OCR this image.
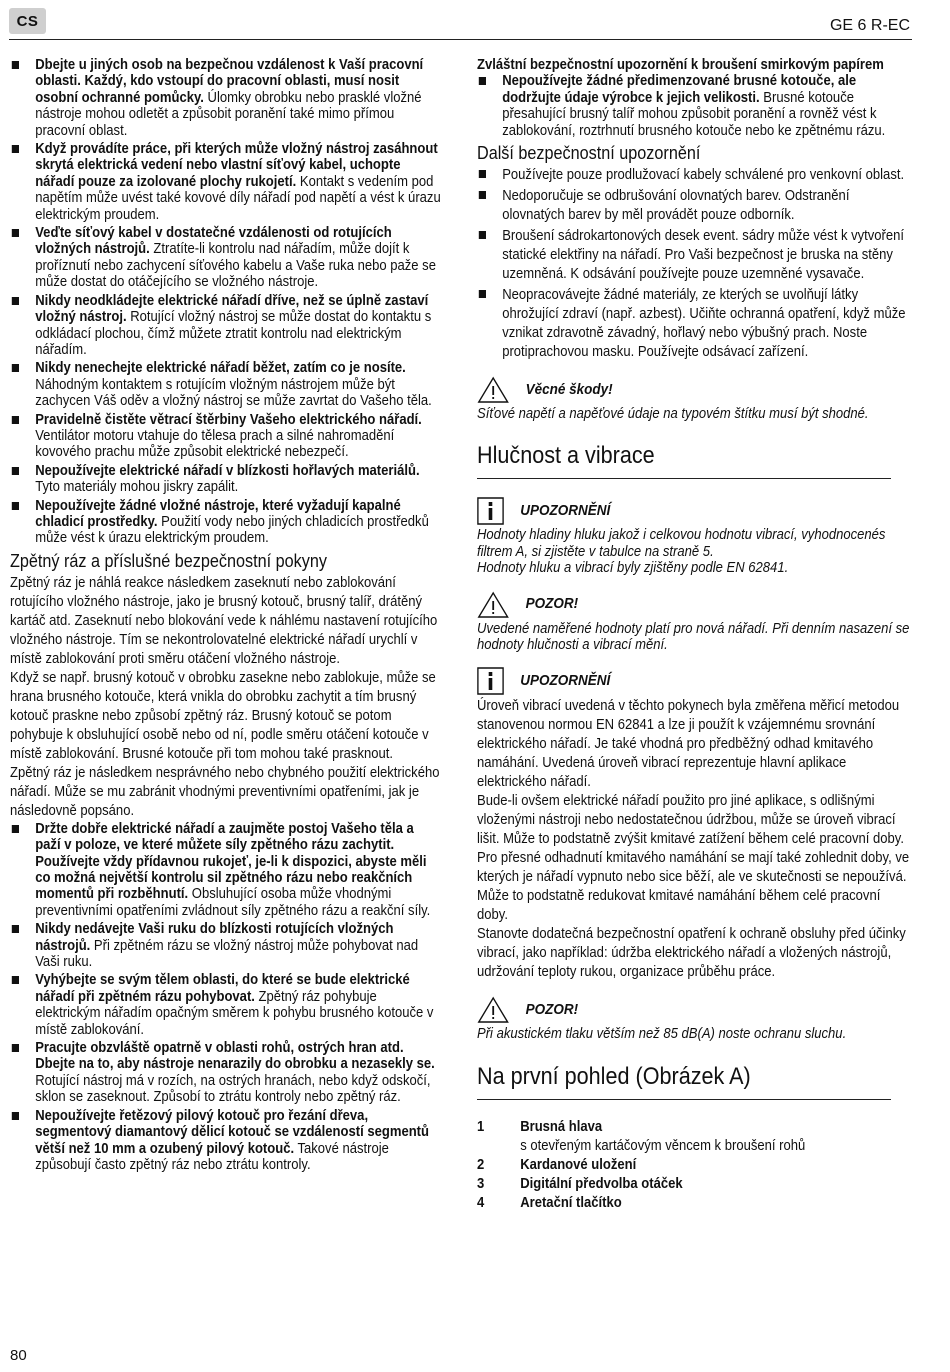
CS	GE 6 R-EC
Dbejte u jiných osob na bezpečnou vzdálenost k Vaší pracovní oblasti. Každý, kdo vstoupí do pracovní oblasti, musí nosit osobní ochranné pomůcky. Úlomky obrobku nebo prasklé vložné nástroje mohou odletět a způsobit poranění také mimo přímou pracovní oblast.
Když provádíte práce, při kterých může vložný nástroj zasáhnout skrytá elektrická vedení nebo vlastní síťový kabel, uchopte nářadí pouze za izolované plochy rukojetí. Kontakt s vedením pod napětím může uvést také kovové díly nářadí pod napětí a vést k úrazu elektrickým proudem.
Veďte síťový kabel v dostatečné vzdálenosti od rotujících vložných nástrojů. Ztratíte-li kontrolu nad nářadím, může dojít k proříznutí nebo zachycení síťového kabelu a Vaše ruka nebo paže se může dostat do otáčejícího se vložného nástroje.
Nikdy neodkládejte elektrické nářadí dříve, než se úplně zastaví vložný nástroj. Rotující vložný nástroj se může dostat do kontaktu s odkládací plochou, čímž můžete ztratit kontrolu nad elektrickým nářadím.
Nikdy nenechejte elektrické nářadí běžet, zatím co je nosíte. Náhodným kontaktem s rotujícím vložným nástrojem může být zachycen Váš oděv a vložný nástroj se může zavrtat do Vašeho těla.
Pravidelně čistěte větrací štěrbiny Vašeho elektrického nářadí. Ventilátor motoru vtahuje do tělesa prach a silné nahromadění kovového prachu může způsobit elektrické nebezpečí.
Nepoužívejte elektrické nářadí v blízkosti hořlavých materiálů. Tyto materiály mohou jiskry zapálit.
Nepoužívejte žádné vložné nástroje, které vyžadují kapalné chladicí prostředky. Použití vody nebo jiných chladicích prostředků může vést k úrazu elektrickým proudem.
Zpětný ráz a příslušné bezpečnostní pokyny
Zpětný ráz je náhlá reakce následkem zaseknutí nebo zablokování rotujícího vložného nástroje, jako je brusný kotouč, brusný talíř, drátěný kartáč atd. Zaseknutí nebo blokování vede k náhlému nastavení rotujícího vložného nástroje. Tím se nekontrolovatelné elektrické nářadí urychlí v místě zablokování proti směru otáčení vložného nástroje.
Když se např. brusný kotouč v obrobku zasekne nebo zablokuje, může se hrana brusného kotouče, která vnikla do obrobku zachytit a tím brusný kotouč praskne nebo způsobí zpětný ráz. Brusný kotouč se potom pohybuje k obsluhující osobě nebo od ní, podle směru otáčení kotouče v místě zablokování. Brusné kotouče při tom mohou také prasknout.
Zpětný ráz je následkem nesprávného nebo chybného použití elektrického nářadí. Může se mu zabránit vhodnými preventivními opatřeními, jak je následovně popsáno.
Držte dobře elektrické nářadí a zaujměte postoj Vašeho těla a paží v poloze, ve které můžete síly zpětného rázu zachytit. Používejte vždy přídavnou rukojeť, je-li k dispozici, abyste měli co možná největší kontrolu sil zpětného rázu nebo reakčních momentů při rozběhnutí. Obsluhující osoba může vhodnými preventivními opatřeními zvládnout síly zpětného rázu a reakční síly.
Nikdy nedávejte Vaši ruku do blízkosti rotujících vložných nástrojů. Při zpětném rázu se vložný nástroj může pohybovat nad Vaši ruku.
Vyhýbejte se svým tělem oblasti, do které se bude elektrické nářadí při zpětném rázu pohybovat. Zpětný ráz pohybuje elektrickým nářadím opačným směrem k pohybu brusného kotouče v místě zablokování.
Pracujte obzvláště opatrně v oblasti rohů, ostrých hran atd. Dbejte na to, aby nástroje nenarazily do obrobku a nezasekly se. Rotující nástroj má v rozích, na ostrých hranách, nebo když odskočí, sklon se zaseknout. Způsobí to ztrátu kontroly nebo zpětný ráz.
Nepoužívejte řetězový pilový kotouč pro řezání dřeva, segmentový diamantový dělicí kotouč se vzdáleností segmentů větší než 10 mm a ozubený pilový kotouč. Takové nástroje způsobují často zpětný ráz nebo ztrátu kontroly.
Zvláštní bezpečnostní upozornění k broušení smirkovým papírem
Nepoužívejte žádné předimenzované brusné kotouče, ale dodržujte údaje výrobce k jejich velikosti. Brusné kotouče přesahující brusný talíř mohou způsobit poranění a rovněž vést k zablokování, roztrhnutí brusného kotouče nebo ke zpětnému rázu.
Další bezpečnostní upozornění
Používejte pouze prodlužovací kabely schválené pro venkovní oblast.
Nedoporučuje se odbrušování olovnatých barev. Odstranění olovnatých barev by měl provádět pouze odborník.
Broušení sádrokartonových desek event. sádry může vést k vytvoření statické elektřiny na nářadí. Pro Vaši bezpečnost je bruska na stěny uzemněná. K odsávání používejte pouze uzemněné vysavače.
Neopracovávejte žádné materiály, ze kterých se uvolňují látky ohrožující zdraví (např. azbest). Učiňte ochranná opatření, když může vznikat zdravotně závadný, hořlavý nebo výbušný prach. Noste protiprachovou masku. Používejte odsávací zařízení.
Věcné škody!
Síťové napětí a napěťové údaje na typovém štítku musí být shodné.
Hlučnost a vibrace
UPOZORNĚNÍ
Hodnoty hladiny hluku jakož i celkovou hodnotu vibrací, vyhodnocenés filtrem A, si zjistěte v tabulce na straně 5.
Hodnoty hluku a vibrací byly zjištěny podle EN 62841.
POZOR!
Uvedené naměřené hodnoty platí pro nová nářadí. Při denním nasazení se hodnoty hlučnosti a vibrací mění.
UPOZORNĚNÍ
Úroveň vibrací uvedená v těchto pokynech byla změřena měřicí metodou stanovenou normou EN 62841 a lze ji použít k vzájemnému srovnání elektrického nářadí. Je také vhodná pro předběžný odhad kmitavého namáhání. Uvedená úroveň vibrací reprezentuje hlavní aplikace elektrického nářadí.
Bude-li ovšem elektrické nářadí použito pro jiné aplikace, s odlišnými vloženými nástroji nebo nedostatečnou údržbou, může se úroveň vibrací lišit. Může to podstatně zvýšit kmitavé zatížení během celé pracovní doby.
Pro přesné odhadnutí kmitavého namáhání se mají také zohlednit doby, ve kterých je nářadí vypnuto nebo sice běží, ale ve skutečnosti se nepoužívá. Může to podstatně redukovat kmitavé namáhání během celé pracovní doby.
Stanovte dodatečná bezpečnostní opatření k ochraně obsluhy před účinky vibrací, jako například: údržba elektrického nářadí a vložených nástrojů, udržování teploty rukou, organizace průběhu práce.
POZOR!
Při akustickém tlaku větším než 85 dB(A) noste ochranu sluchu.
Na první pohled (Obrázek A)
1	Brusná hlava
s otevřeným kartáčovým věncem k broušení rohů
2	Kardanové uložení
3	Digitální předvolba otáček
4	Aretační tlačítko
80
